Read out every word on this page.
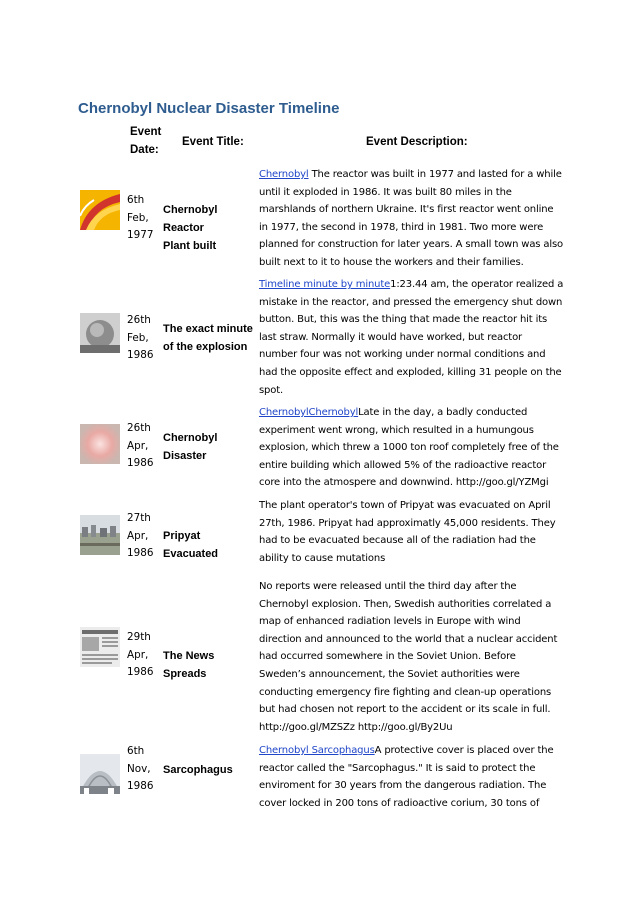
Chernobyl Nuclear Disaster Timeline
Event
Date:
Event Title:	Event Description:
6th
Feb,
1977
Chernobyl Reactor
Plant built
Chernobyl The reactor was built in 1977 and lasted for a while
until it exploded in 1986. It was built 80 miles in the
marshlands of northern Ukraine. It's first reactor went online
in 1977, the second in 1978, third in 1981. Two more were
planned for construction for later years. A small town was also
built next to it to house the workers and their families.
26th
Feb,
1986
The exact minute
of the explosion
Timeline minute by minute1:23.44 am, the operator realized a
mistake in the reactor, and pressed the emergency shut down
button. But, this was the thing that made the reactor hit its
last straw. Normally it would have worked, but reactor
number four was not working under normal conditions and
had the opposite effect and exploded, killing 31 people on the
spot.
26th
Apr,
1986
Chernobyl Disaster
ChernobylChernobylLate in the day, a badly conducted
experiment went wrong, which resulted in a humungous
explosion, which threw a 1000 ton roof completely free of the
entire building which allowed 5% of the radioactive reactor
core into the atmospere and downwind. http://goo.gl/YZMgi
27th
Apr,
1986
Pripyat Evacuated
The plant operator's town of Pripyat was evacuated on April
27th, 1986. Pripyat had approximatly 45,000 residents. They
had to be evacuated because all of the radiation had the
ability to cause mutations
29th
Apr,
1986
The News Spreads
No reports were released until the third day after the
Chernobyl explosion. Then, Swedish authorities correlated a
map of enhanced radiation levels in Europe with wind
direction and announced to the world that a nuclear accident
had occurred somewhere in the Soviet Union. Before
Sweden’s announcement, the Soviet authorities were
conducting emergency fire fighting and clean-up operations
but had chosen not report to the accident or its scale in full.
http://goo.gl/MZSZz http://goo.gl/By2Uu
6th
Nov,
1986
Sarcophagus
Chernobyl SarcophagusA protective cover is placed over the
reactor called the "Sarcophagus." It is said to protect the
enviroment for 30 years from the dangerous radiation. The
cover locked in 200 tons of radioactive corium, 30 tons of
